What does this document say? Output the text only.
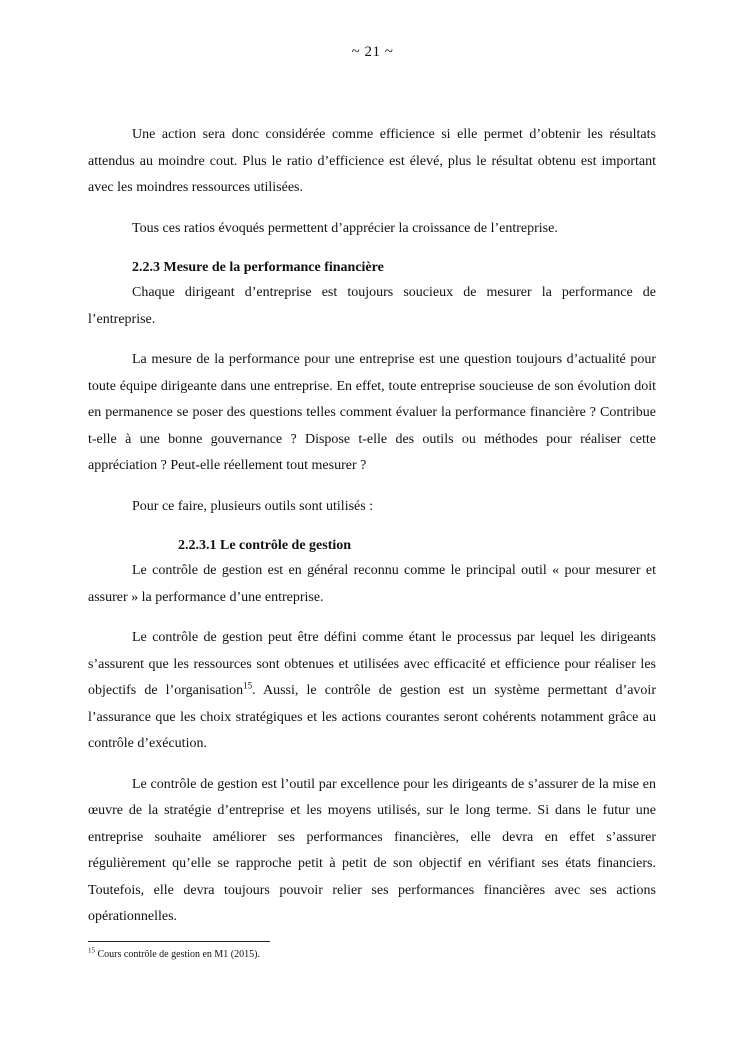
~ 21 ~

Une action sera donc considérée comme efficience si elle permet d’obtenir les résultats attendus au moindre cout. Plus le ratio d’efficience est élevé, plus le résultat obtenu est important avec les moindres ressources utilisées.

Tous ces ratios évoqués permettent d’apprécier la croissance de l’entreprise.

2.2.3 Mesure de la performance financière

Chaque dirigeant d’entreprise est toujours soucieux de mesurer la performance de l’entreprise.

La mesure de la performance pour une entreprise est une question toujours d’actualité pour toute équipe dirigeante dans une entreprise. En effet, toute entreprise soucieuse de son évolution doit en permanence se poser des questions telles comment évaluer la performance financière ? Contribue t-elle à une bonne gouvernance ? Dispose t-elle des outils ou méthodes pour réaliser cette appréciation ? Peut-elle réellement tout mesurer ?

Pour ce faire, plusieurs outils sont utilisés :

2.2.3.1 Le contrôle de gestion

Le contrôle de gestion est en général reconnu comme le principal outil « pour mesurer et assurer » la performance d’une entreprise.

Le contrôle de gestion peut être défini comme étant le processus par lequel les dirigeants s’assurent que les ressources sont obtenues et utilisées avec efficacité et efficience pour réaliser les objectifs de l’organisation$^{15}$. Aussi, le contrôle de gestion est un système permettant d’avoir l’assurance que les choix stratégiques et les actions courantes seront cohérents notamment grâce au contrôle d’exécution.

Le contrôle de gestion est l’outil par excellence pour les dirigeants de s’assurer de la mise en œuvre de la stratégie d’entreprise et les moyens utilisés, sur le long terme. Si dans le futur une entreprise souhaite améliorer ses performances financières, elle devra en effet s’assurer régulièrement qu’elle se rapproche petit à petit de son objectif en vérifiant ses états financiers. Toutefois, elle devra toujours pouvoir relier ses performances financières avec ses actions opérationnelles.

$^{15}$ Cours contrôle de gestion en M1 (2015).
